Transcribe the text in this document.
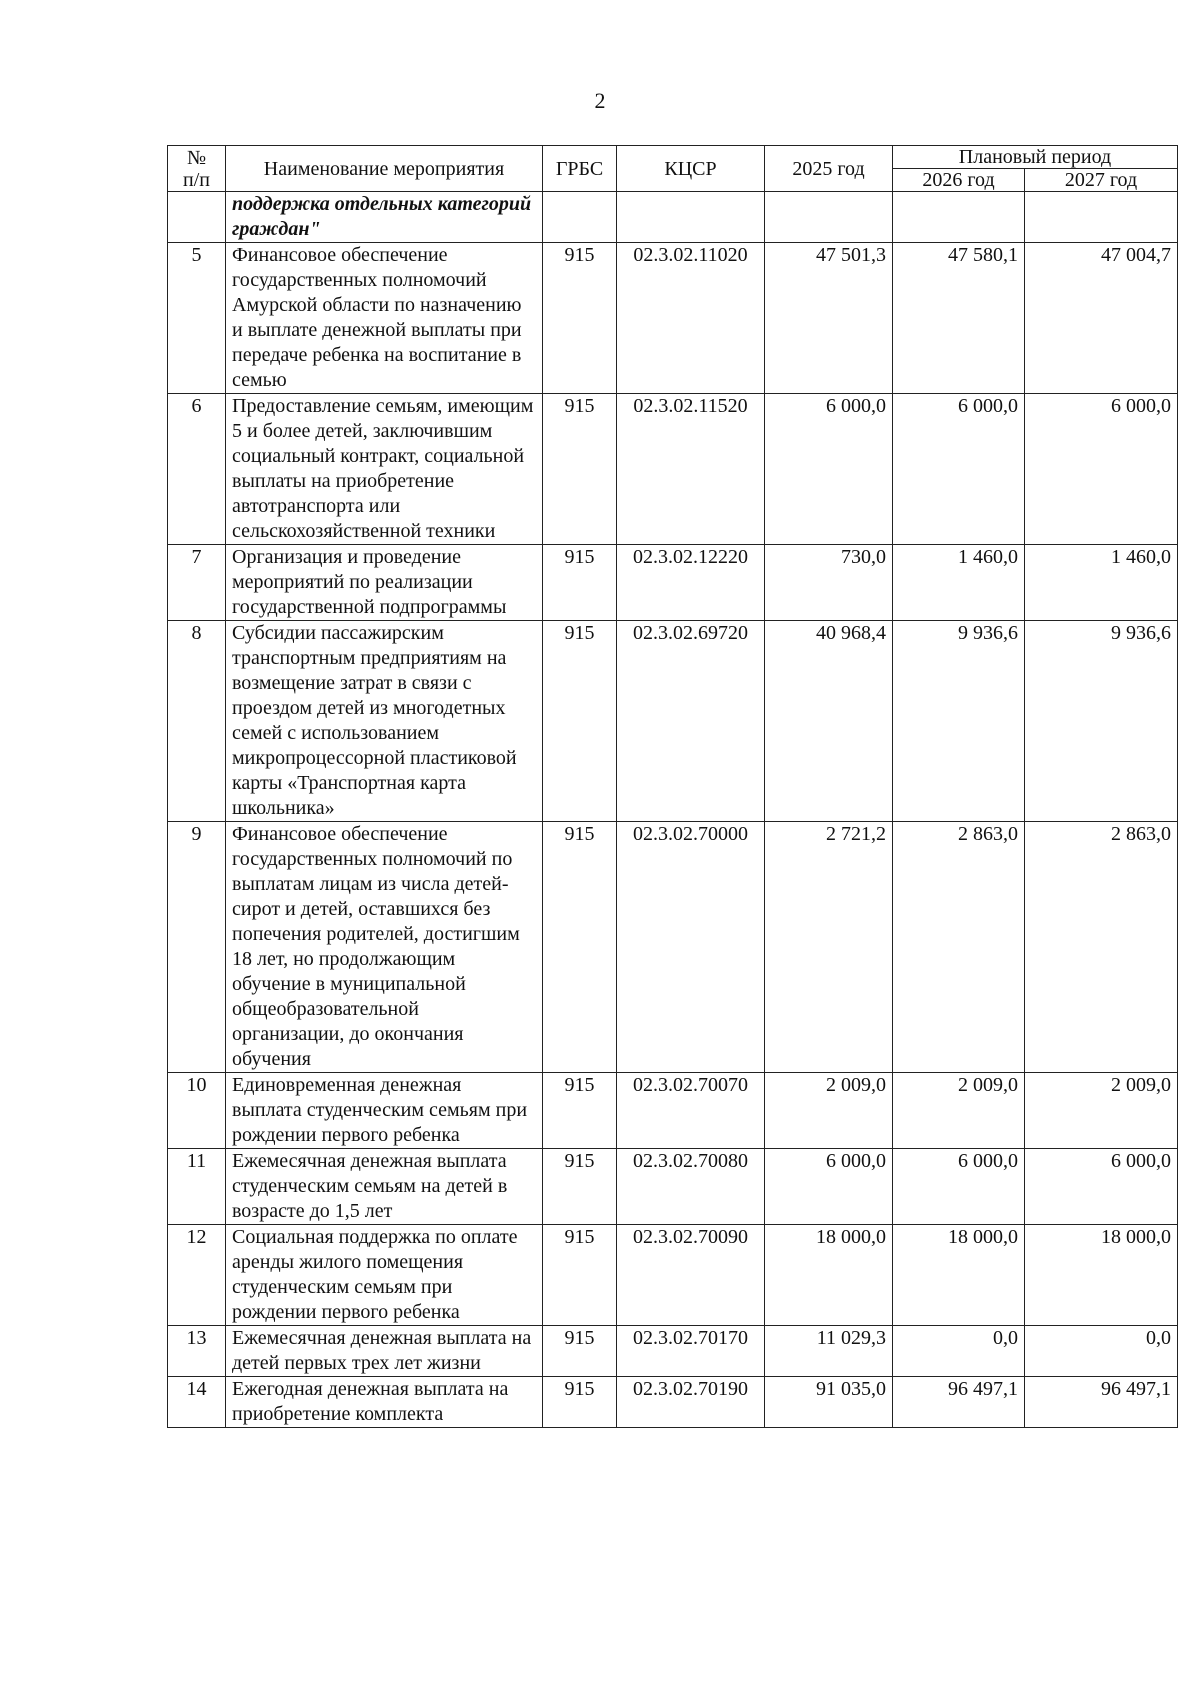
2
№
п/п	Наименование мероприятия	ГРБС	КЦСР	2025 год	Плановый период	
					2026 год	2027 год
	поддержка отдельных категорий граждан"					
5	Финансовое обеспечение государственных полномочий Амурской области по назначению и выплате денежной выплаты при передаче ребенка на воспитание в семью	915	02.3.02.11020	47 501,3	47 580,1	47 004,7
6	Предоставление семьям, имеющим 5 и более детей, заключившим социальный контракт, социальной выплаты на приобретение автотранспорта или сельскохозяйственной техники	915	02.3.02.11520	6 000,0	6 000,0	6 000,0
7	Организация и проведение мероприятий по реализации государственной подпрограммы	915	02.3.02.12220	730,0	1 460,0	1 460,0
8	Субсидии пассажирским транспортным предприятиям на возмещение затрат в связи с проездом детей из многодетных семей с использованием микропроцессорной пластиковой карты «Транспортная карта школьника»	915	02.3.02.69720	40 968,4	9 936,6	9 936,6
9	Финансовое обеспечение государственных полномочий по выплатам лицам из числа детей-сирот и детей, оставшихся без попечения родителей, достигшим 18 лет, но продолжающим обучение в муниципальной общеобразовательной организации, до окончания обучения	915	02.3.02.70000	2 721,2	2 863,0	2 863,0
10	Единовременная денежная выплата студенческим семьям при рождении первого ребенка	915	02.3.02.70070	2 009,0	2 009,0	2 009,0
11	Ежемесячная денежная выплата студенческим семьям на детей в возрасте до 1,5 лет	915	02.3.02.70080	6 000,0	6 000,0	6 000,0
12	Социальная поддержка по оплате аренды жилого помещения студенческим семьям при рождении первого ребенка	915	02.3.02.70090	18 000,0	18 000,0	18 000,0
13	Ежемесячная денежная выплата на детей первых трех лет жизни	915	02.3.02.70170	11 029,3	0,0	0,0
14	Ежегодная денежная выплата на приобретение комплекта	915	02.3.02.70190	91 035,0	96 497,1	96 497,1
